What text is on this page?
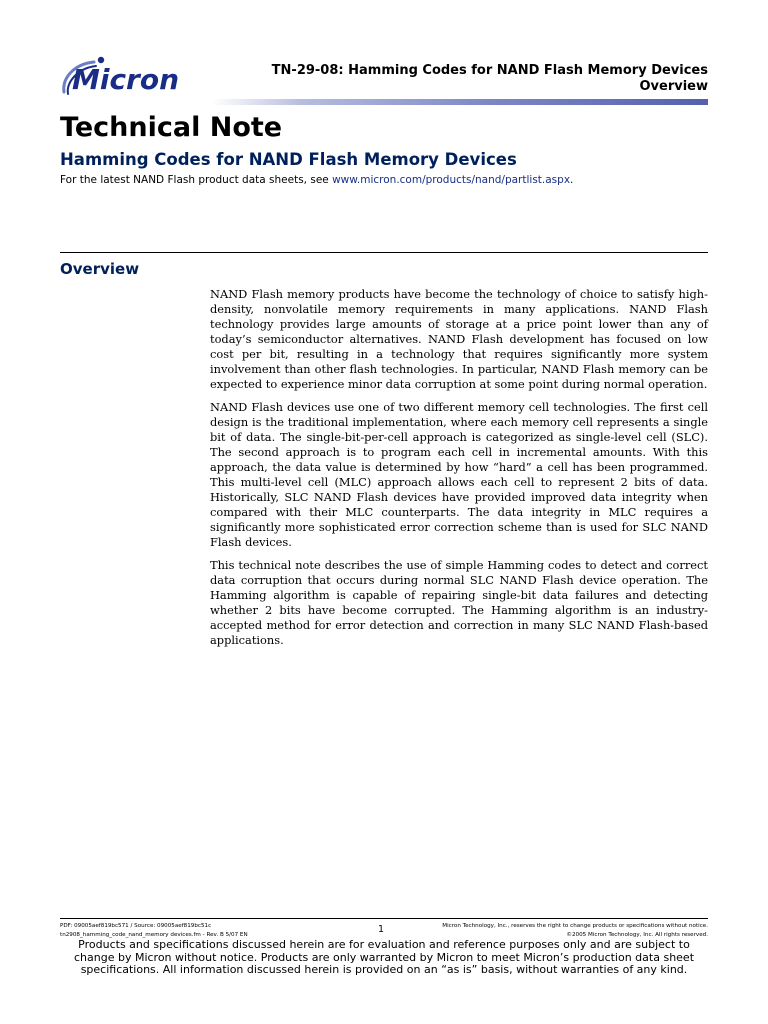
Micron	TN-29-08: Hamming Codes for NAND Flash Memory Devices
Overview
Technical Note
Hamming Codes for NAND Flash Memory Devices
For the latest NAND Flash product data sheets, see www.micron.com/products/nand/partlist.aspx.
Overview

NAND Flash memory products have become the technology of choice to satisfy high-density, nonvolatile memory requirements in many applications. NAND Flash technology provides large amounts of storage at a price point lower than any of today’s semiconductor alternatives. NAND Flash development has focused on low cost per bit, resulting in a technology that requires significantly more system involvement than other flash technologies. In particular, NAND Flash memory can be expected to experience minor data corruption at some point during normal operation.

NAND Flash devices use one of two different memory cell technologies. The first cell design is the traditional implementation, where each memory cell represents a single bit of data. The single-bit-per-cell approach is categorized as single-level cell (SLC). The second approach is to program each cell in incremental amounts. With this approach, the data value is determined by how “hard” a cell has been programmed. This multi-level cell (MLC) approach allows each cell to represent 2 bits of data. Historically, SLC NAND Flash devices have provided improved data integrity when compared with their MLC counterparts. The data integrity in MLC requires a significantly more sophisticated error correction scheme than is used for SLC NAND Flash devices.

This technical note describes the use of simple Hamming codes to detect and correct data corruption that occurs during normal SLC NAND Flash device operation. The Hamming algorithm is capable of repairing single-bit data failures and detecting whether 2 bits have become corrupted. The Hamming algorithm is an industry-accepted method for error detection and correction in many SLC NAND Flash-based applications.

PDF: 09005aef819bc571 / Source: 09005aef819bc51c
tn2908_hamming_code_nand_memory devices.fm - Rev. B 5/07 EN	1	Micron Technology, Inc., reserves the right to change products or specifications without notice.
©2005 Micron Technology, Inc. All rights reserved.
Products and specifications discussed herein are for evaluation and reference purposes only and are subject to change by Micron without notice. Products are only warranted by Micron to meet Micron’s production data sheet specifications. All information discussed herein is provided on an “as is” basis, without warranties of any kind.
